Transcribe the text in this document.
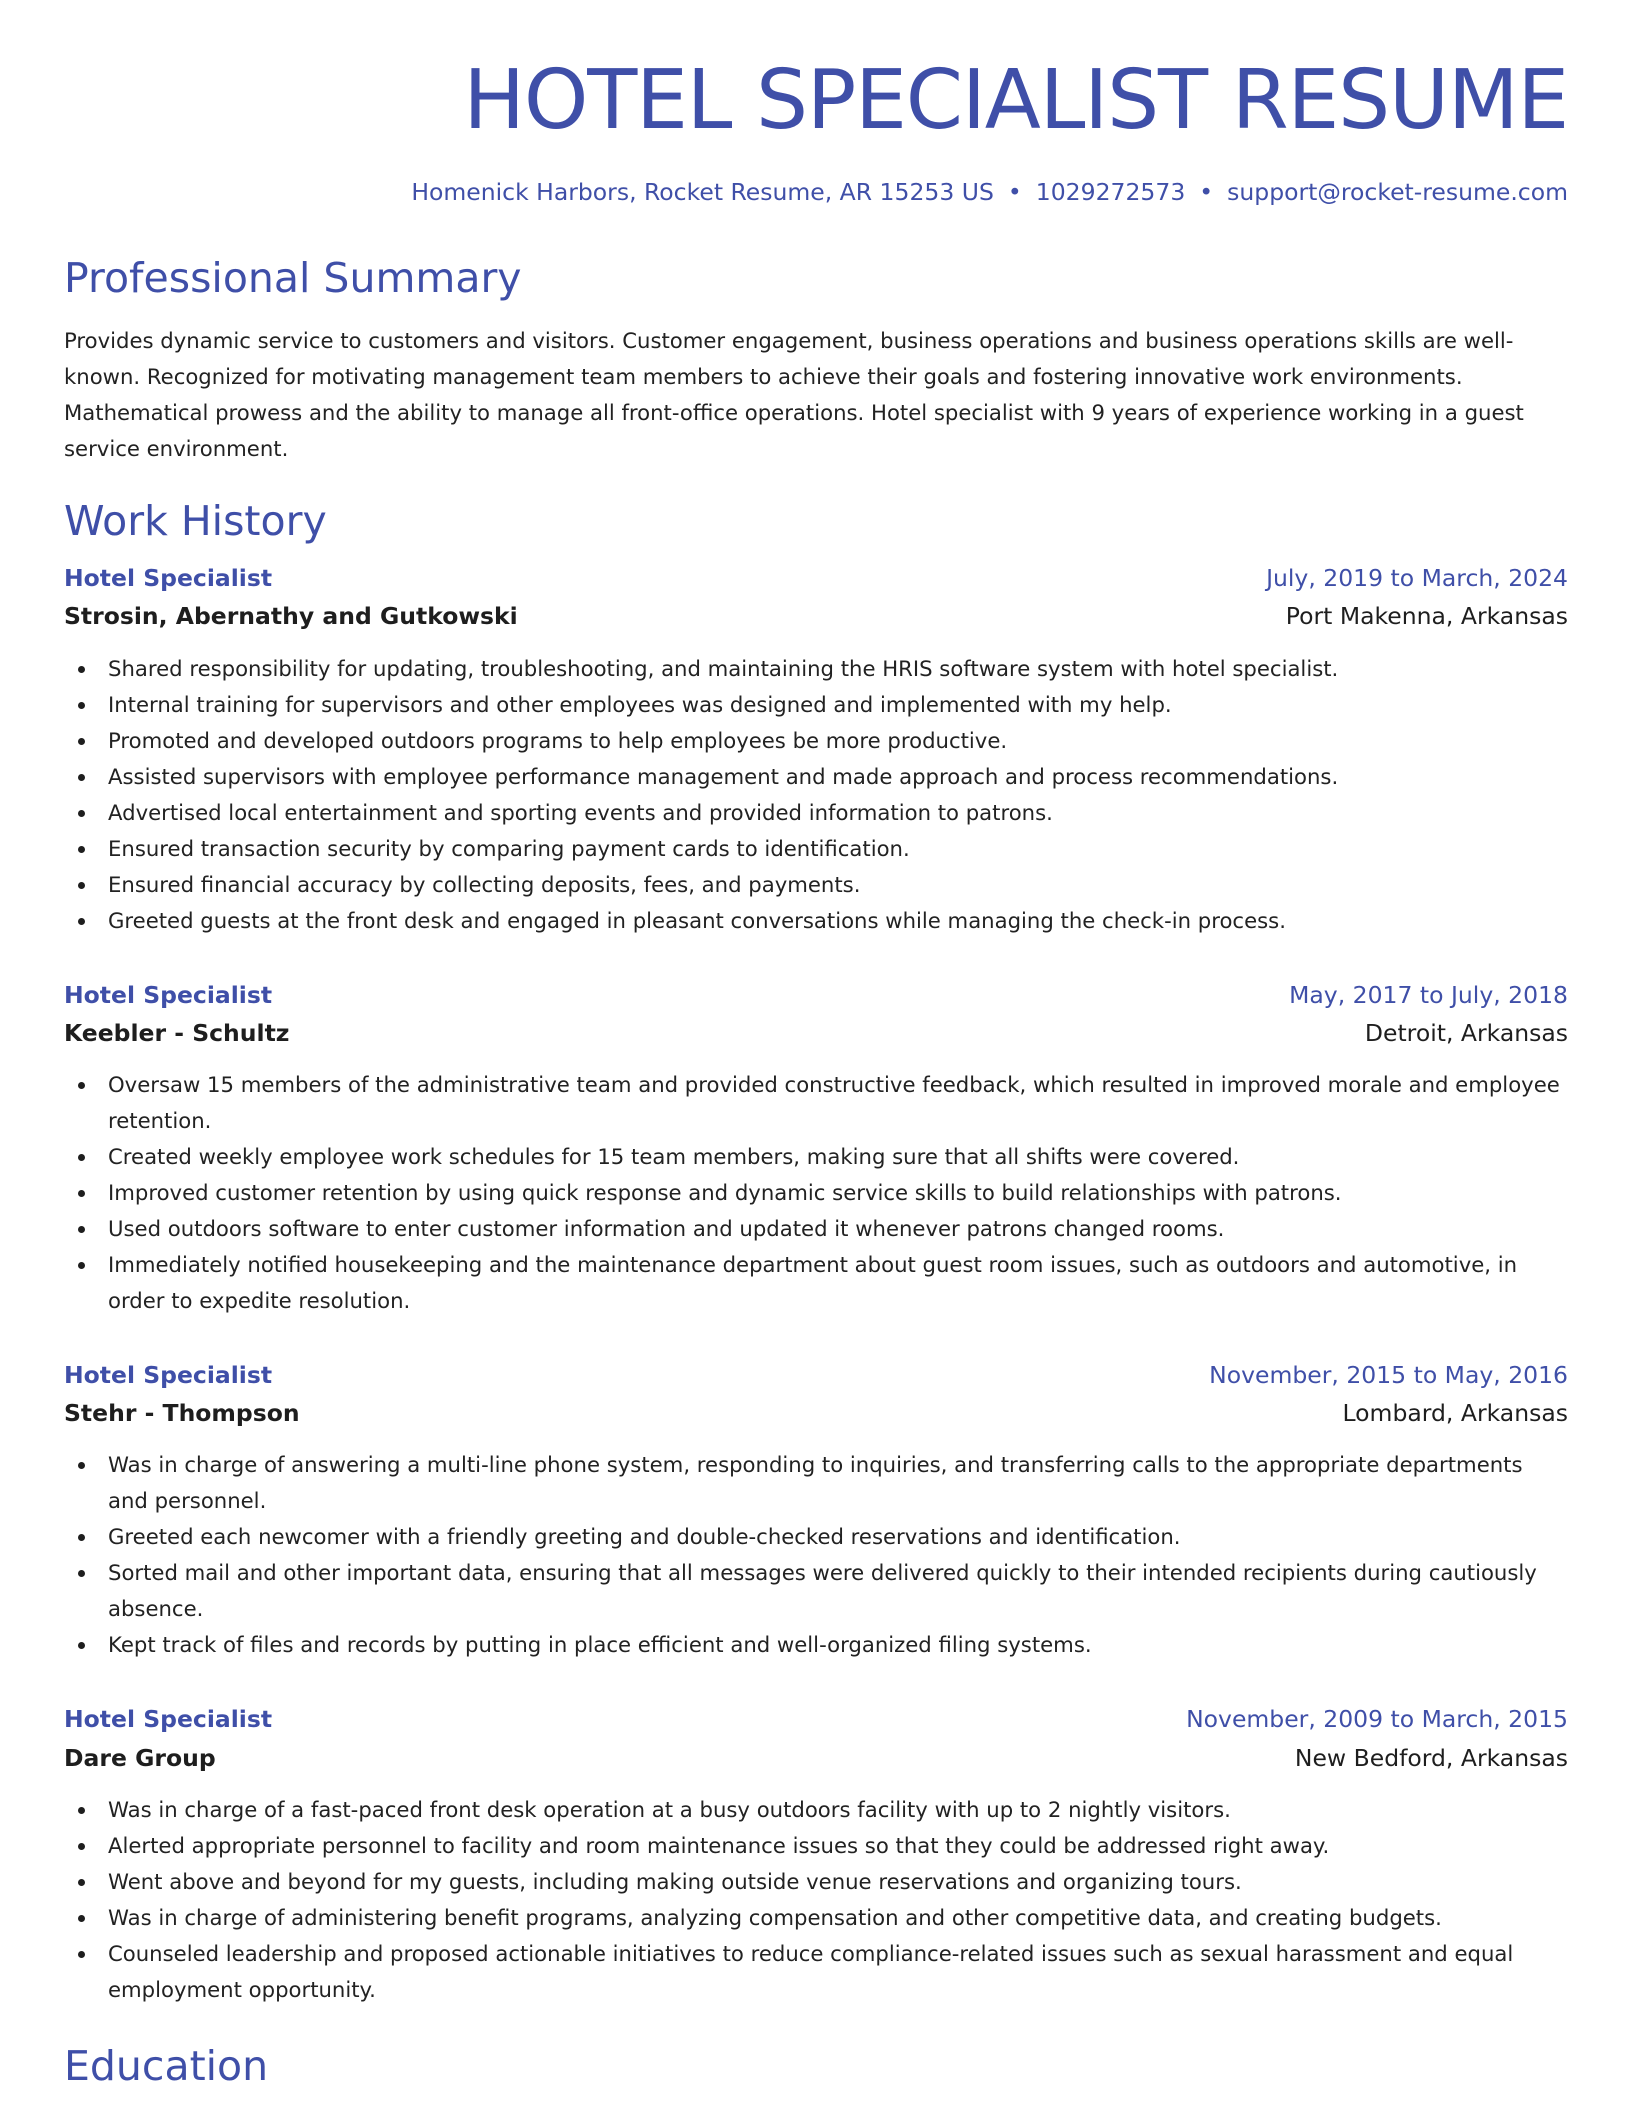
HOTEL SPECIALIST RESUME
Homenick Harbors, Rocket Resume, AR 15253 US • 1029272573 • support@rocket-resume.com
Professional Summary

Provides dynamic service to customers and visitors. Customer engagement, business operations and business operations skills are well-known. Recognized for motivating management team members to achieve their goals and fostering innovative work environments. Mathematical prowess and the ability to manage all front-office operations. Hotel specialist with 9 years of experience working in a guest service environment.

Work History
Hotel Specialist	July, 2019 to March, 2024
Strosin, Abernathy and Gutkowski	Port Makenna, Arkansas
Shared responsibility for updating, troubleshooting, and maintaining the HRIS software system with hotel specialist.
Internal training for supervisors and other employees was designed and implemented with my help.
Promoted and developed outdoors programs to help employees be more productive.
Assisted supervisors with employee performance management and made approach and process recommendations.
Advertised local entertainment and sporting events and provided information to patrons.
Ensured transaction security by comparing payment cards to identification.
Ensured financial accuracy by collecting deposits, fees, and payments.
Greeted guests at the front desk and engaged in pleasant conversations while managing the check-in process.
Hotel Specialist	May, 2017 to July, 2018
Keebler - Schultz	Detroit, Arkansas
Oversaw 15 members of the administrative team and provided constructive feedback, which resulted in improved morale and employee retention.
Created weekly employee work schedules for 15 team members, making sure that all shifts were covered.
Improved customer retention by using quick response and dynamic service skills to build relationships with patrons.
Used outdoors software to enter customer information and updated it whenever patrons changed rooms.
Immediately notified housekeeping and the maintenance department about guest room issues, such as outdoors and automotive, in order to expedite resolution.
Hotel Specialist	November, 2015 to May, 2016
Stehr - Thompson	Lombard, Arkansas
Was in charge of answering a multi-line phone system, responding to inquiries, and transferring calls to the appropriate departments and personnel.
Greeted each newcomer with a friendly greeting and double-checked reservations and identification.
Sorted mail and other important data, ensuring that all messages were delivered quickly to their intended recipients during cautiously absence.
Kept track of files and records by putting in place efficient and well-organized filing systems.
Hotel Specialist	November, 2009 to March, 2015
Dare Group	New Bedford, Arkansas
Was in charge of a fast-paced front desk operation at a busy outdoors facility with up to 2 nightly visitors.
Alerted appropriate personnel to facility and room maintenance issues so that they could be addressed right away.
Went above and beyond for my guests, including making outside venue reservations and organizing tours.
Was in charge of administering benefit programs, analyzing compensation and other competitive data, and creating budgets.
Counseled leadership and proposed actionable initiatives to reduce compliance-related issues such as sexual harassment and equal employment opportunity.
Education
